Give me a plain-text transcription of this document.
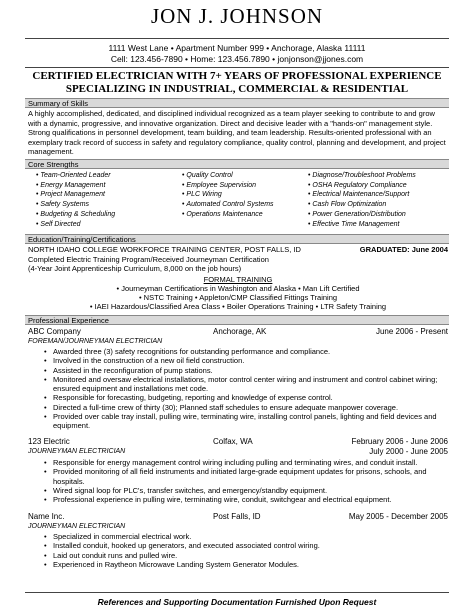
JON J. JOHNSON
1111 West Lane • Apartment Number 999 • Anchorage, Alaska 11111
Cell: 123.456-7890 • Home: 123.456.7890 • jonjonson@jjones.com
CERTIFIED ELECTRICIAN WITH 7+ YEARS OF PROFESSIONAL EXPERIENCE
SPECIALIZING IN INDUSTRIAL, COMMERCIAL & RESIDENTIAL
Summary of Skills
A highly accomplished, dedicated, and disciplined individual recognized as a team player seeking to contribute to and grow with a dynamic, progressive, and innovative organization. Direct and decisive leader with a "hands-on" management style. Strong qualifications in personnel development, team building, and team leadership. Results-oriented professional with an exemplary track record of success in safety and regulatory compliance, quality control, planning and development, and project management.
Core Strengths
• Team-Oriented Leader
• Energy Management
• Project Management
• Safety Systems
• Budgeting & Scheduling
• Self Directed
• Quality Control
• Employee Supervision
• PLC Wiring
• Automated Control Systems
• Operations Maintenance
• Diagnose/Troubleshoot Problems
• OSHA Regulatory Compliance
• Electrical Maintenance/Support
• Cash Flow Optimization
• Power Generation/Distribution
• Effective Time Management
Education/Training/Certifications
NORTH IDAHO COLLEGE WORKFORCE TRAINING CENTER, POST FALLS, ID	GRADUATED: June 2004
Completed Electric Training Program/Received Journeyman Certification
(4-Year Joint Apprenticeship Curriculum, 8,000 on the job hours)
FORMAL TRAINING
• Journeyman Certifications in Washington and Alaska • Man Lift Certified
• NSTC Training • Appleton/CMP Classified Fittings Training
• IAEI Hazardous/Classified Area Class • Boiler Operations Training • LTR Safety Training
Professional Experience
ABC Company	Anchorage, AK	June 2006 - Present
FOREMAN/JOURNEYMAN ELECTRICIAN
• Awarded three (3) safety recognitions for outstanding performance and compliance.
• Involved in the construction of a new oil field construction.
• Assisted in the reconfiguration of pump stations.
• Monitored and oversaw electrical installations, motor control center wiring and instrument and control cabinet wiring; ensured equipment and installations met code.
• Responsible for forecasting, budgeting, reporting and knowledge of expense control.
• Directed a full-time crew of thirty (30); Planned staff schedules to ensure adequate manpower coverage.
• Provided over cable tray install, pulling wire, terminating wire, installing control panels, lighting and field devices and equipment.
123 Electric	Colfax, WA	February 2006 - June 2006
JOURNEYMAN ELECTRICIAN	July 2000 - June 2005
• Responsible for energy management control wiring including pulling and terminating wires, and conduit install.
• Provided monitoring of all field instruments and initiated large-grade equipment updates for prisons, schools, and hospitals.
• Wired signal loop for PLC's, transfer switches, and emergency/standby equipment.
• Professional experience in pulling wire, terminating wire, conduit, switchgear and electrical equipment.
Name Inc.	Post Falls, ID	May 2005 - December 2005
JOURNEYMAN ELECTRICIAN
• Specialized in commercial electrical work.
• Installed conduit, hooked up generators, and executed associated control wiring.
• Laid out conduit runs and pulled wire.
• Experienced in Raytheon Microwave Landing System Generator Modules.
References and Supporting Documentation Furnished Upon Request
